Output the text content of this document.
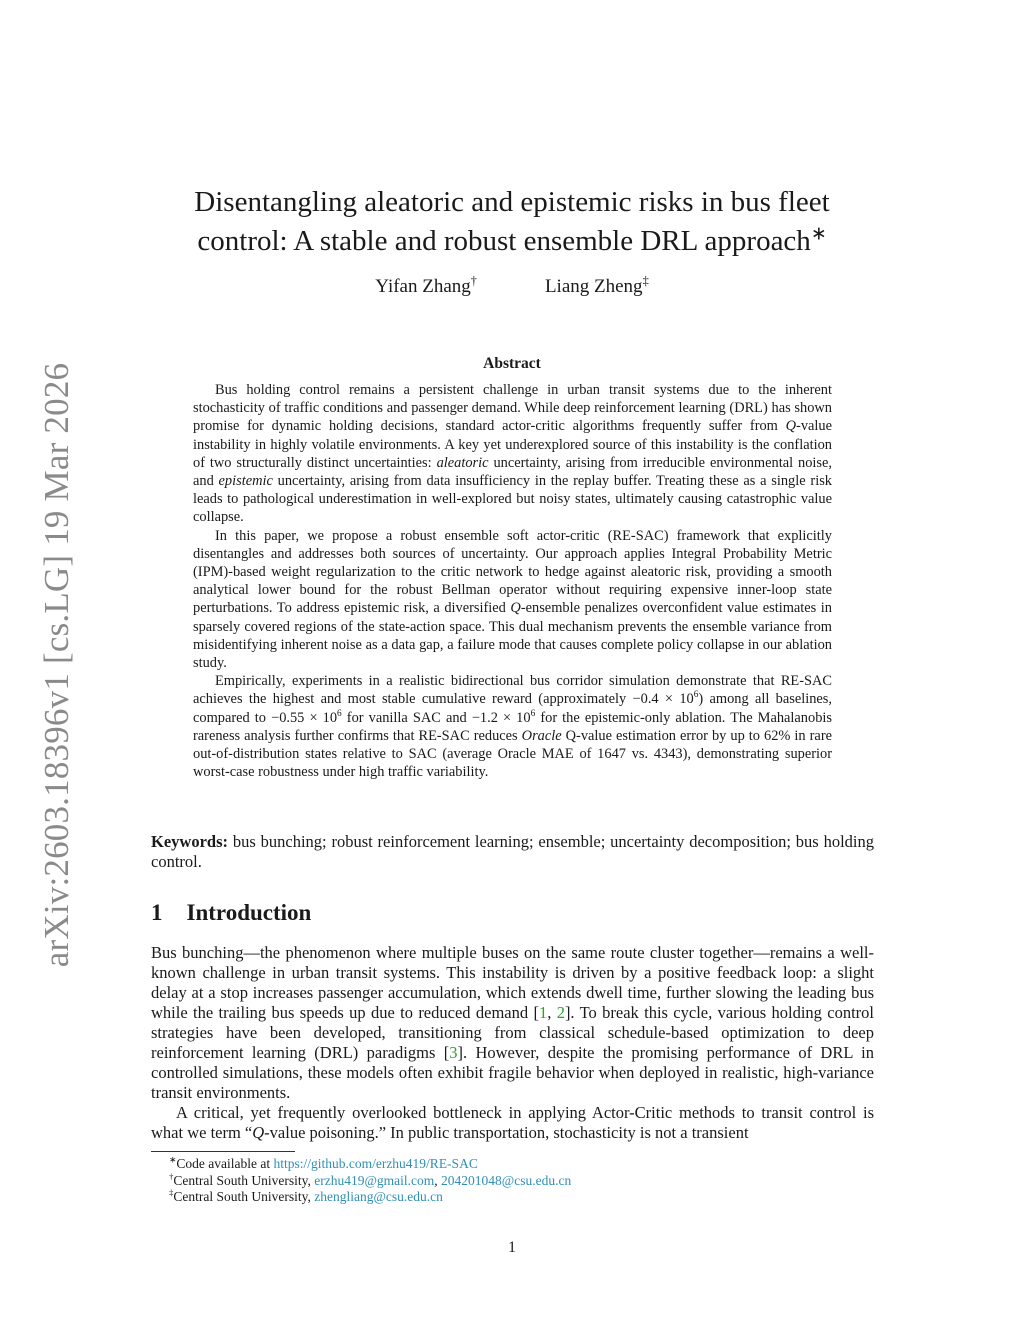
arXiv:2603.18396v1 [cs.LG] 19 Mar 2026
Disentangling aleatoric and epistemic risks in bus fleet
control: A stable and robust ensemble DRL approach∗
Yifan Zhang†	Liang Zheng‡
Abstract

Bus holding control remains a persistent challenge in urban transit systems due to the inherent stochasticity of traffic conditions and passenger demand. While deep reinforcement learning (DRL) has shown promise for dynamic holding decisions, standard actor-critic algorithms frequently suffer from Q-value instability in highly volatile environments. A key yet underexplored source of this instability is the conflation of two structurally distinct uncertainties: aleatoric uncertainty, arising from irreducible environmental noise, and epistemic uncertainty, arising from data insufficiency in the replay buffer. Treating these as a single risk leads to pathological underestimation in well-explored but noisy states, ultimately causing catastrophic value collapse.

In this paper, we propose a robust ensemble soft actor-critic (RE-SAC) framework that explicitly disentangles and addresses both sources of uncertainty. Our approach applies Integral Probability Metric (IPM)-based weight regularization to the critic network to hedge against aleatoric risk, providing a smooth analytical lower bound for the robust Bellman operator without requiring expensive inner-loop state perturbations. To address epistemic risk, a diversified Q-ensemble penalizes overconfident value estimates in sparsely covered regions of the state-action space. This dual mechanism prevents the ensemble variance from misidentifying inherent noise as a data gap, a failure mode that causes complete policy collapse in our ablation study.

Empirically, experiments in a realistic bidirectional bus corridor simulation demonstrate that RE-SAC achieves the highest and most stable cumulative reward (approximately $-0.4 \times 10^6$) among all baselines, compared to $-0.55 \times 10^6$ for vanilla SAC and $-1.2 \times 10^6$ for the epistemic-only ablation. The Mahalanobis rareness analysis further confirms that RE-SAC reduces Oracle Q-value estimation error by up to 62% in rare out-of-distribution states relative to SAC (average Oracle MAE of 1647 vs. 4343), demonstrating superior worst-case robustness under high traffic variability.

Keywords: bus bunching; robust reinforcement learning; ensemble; uncertainty decomposition; bus holding control.

1 Introduction

Bus bunching—the phenomenon where multiple buses on the same route cluster together—remains a well-known challenge in urban transit systems. This instability is driven by a positive feedback loop: a slight delay at a stop increases passenger accumulation, which extends dwell time, further slowing the leading bus while the trailing bus speeds up due to reduced demand [1, 2]. To break this cycle, various holding control strategies have been developed, transitioning from classical schedule-based optimization to deep reinforcement learning (DRL) paradigms [3]. However, despite the promising performance of DRL in controlled simulations, these models often exhibit fragile behavior when deployed in realistic, high-variance transit environments.

A critical, yet frequently overlooked bottleneck in applying Actor-Critic methods to transit control is what we term “Q-value poisoning.” In public transportation, stochasticity is not a transient

∗Code available at https://github.com/erzhu419/RE-SAC
†Central South University, erzhu419@gmail.com, 204201048@csu.edu.cn
‡Central South University, zhengliang@csu.edu.cn
1
